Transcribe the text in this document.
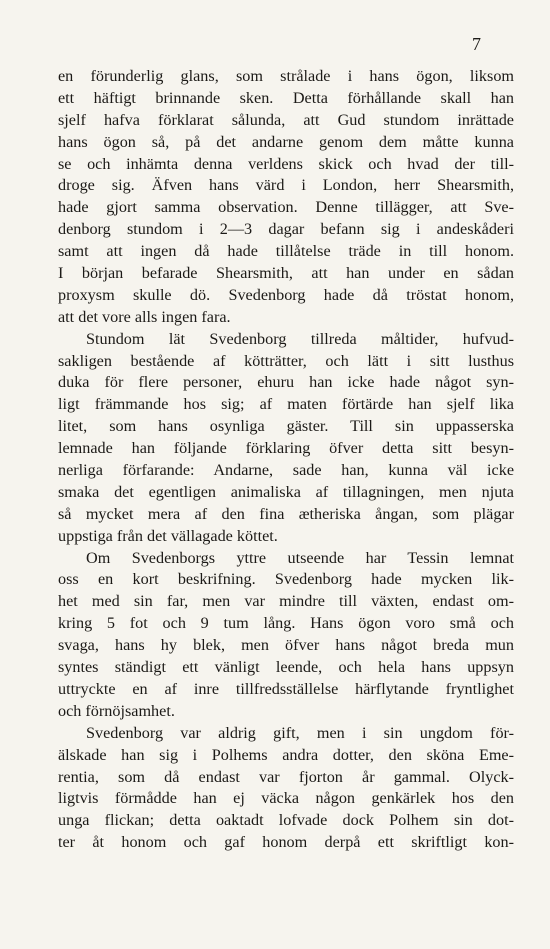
7
en förunderlig glans, som strålade i hans ögon, liksom
ett häftigt brinnande sken. Detta förhållande skall han
sjelf hafva förklarat sålunda, att Gud stundom inrättade
hans ögon så, på det andarne genom dem måtte kunna
se och inhämta denna verldens skick och hvad der till-
droge sig. Äfven hans värd i London, herr Shearsmith,
hade gjort samma observation. Denne tillägger, att Sve-
denborg stundom i 2—3 dagar befann sig i andeskåderi
samt att ingen då hade tillåtelse träde in till honom.
I början befarade Shearsmith, att han under en sådan
proxysm skulle dö. Svedenborg hade då tröstat honom,
att det vore alls ingen fara.
Stundom lät Svedenborg tillreda måltider, hufvud-
sakligen bestående af kötträtter, och lätt i sitt lusthus
duka för flere personer, ehuru han icke hade något syn-
ligt främmande hos sig; af maten förtärde han sjelf lika
litet, som hans osynliga gäster. Till sin uppasserska
lemnade han följande förklaring öfver detta sitt besyn-
nerliga förfarande: Andarne, sade han, kunna väl icke
smaka det egentligen animaliska af tillagningen, men njuta
så mycket mera af den fina ætheriska ångan, som plägar
uppstiga från det vällagade köttet.
Om Svedenborgs yttre utseende har Tessin lemnat
oss en kort beskrifning. Svedenborg hade mycken lik-
het med sin far, men var mindre till växten, endast om-
kring 5 fot och 9 tum lång. Hans ögon voro små och
svaga, hans hy blek, men öfver hans något breda mun
syntes ständigt ett vänligt leende, och hela hans uppsyn
uttryckte en af inre tillfredsställelse härflytande fryntlighet
och förnöjsamhet.
Svedenborg var aldrig gift, men i sin ungdom för-
älskade han sig i Polhems andra dotter, den sköna Eme-
rentia, som då endast var fjorton år gammal. Olyck-
ligtvis förmådde han ej väcka någon genkärlek hos den
unga flickan; detta oaktadt lofvade dock Polhem sin dot-
ter åt honom och gaf honom derpå ett skriftligt kon-
